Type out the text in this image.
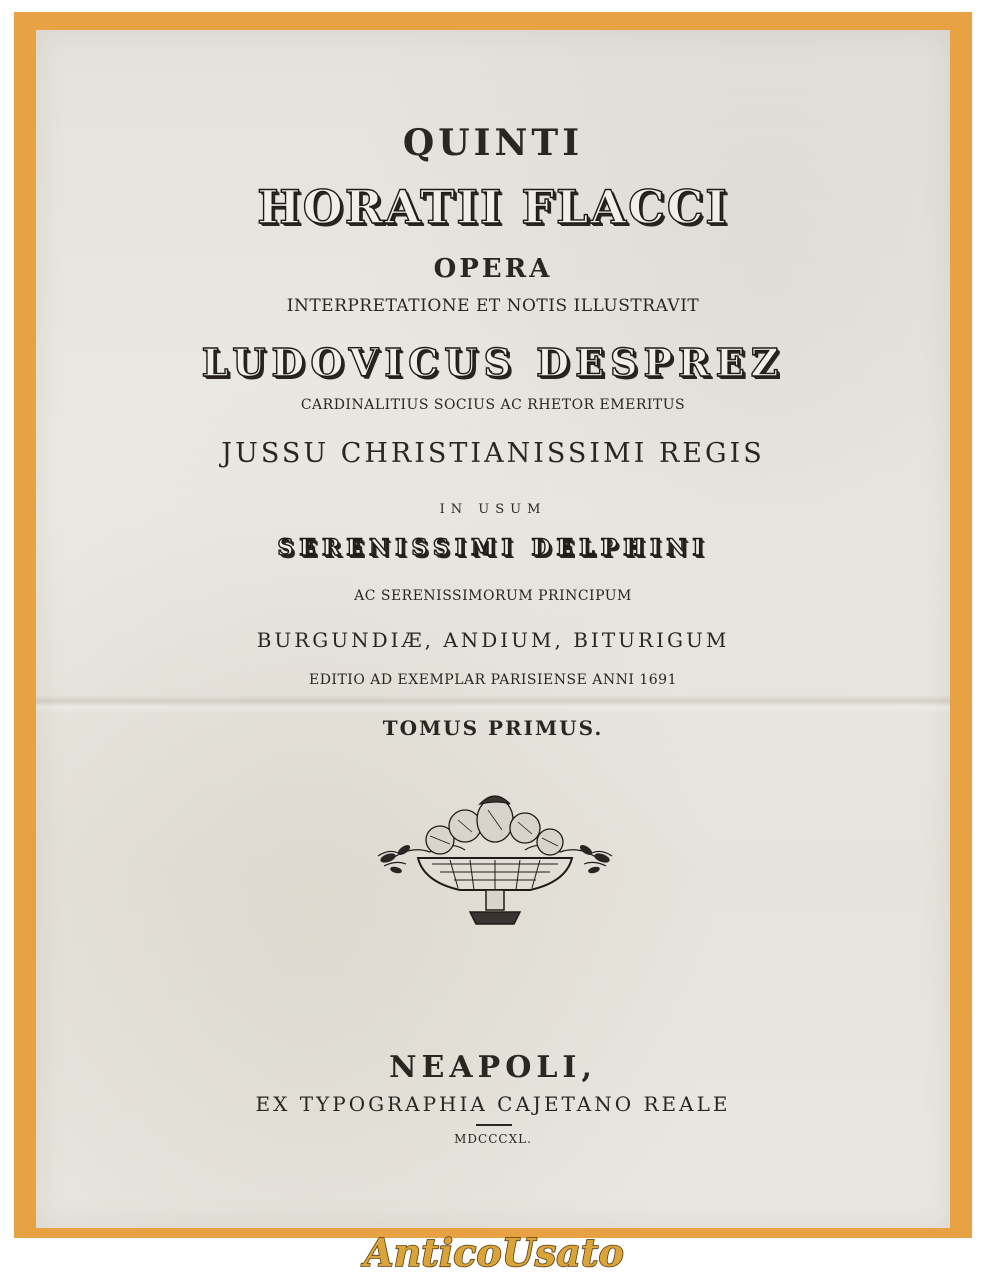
QUINTI
HORATII FLACCI
OPERA
INTERPRETATIONE ET NOTIS ILLUSTRAVIT
LUDOVICUS DESPREZ
CARDINALITIUS SOCIUS AC RHETOR EMERITUS
JUSSU CHRISTIANISSIMI REGIS
IN USUM
SERENISSIMI DELPHINI
AC SERENISSIMORUM PRINCIPUM
BURGUNDIÆ, ANDIUM, BITURIGUM
EDITIO AD EXEMPLAR PARISIENSE ANNI 1691
TOMUS PRIMUS.
NEAPOLI,
EX TYPOGRAPHIA CAJETANO REALE
MDCCCXL.
AnticoUsato
